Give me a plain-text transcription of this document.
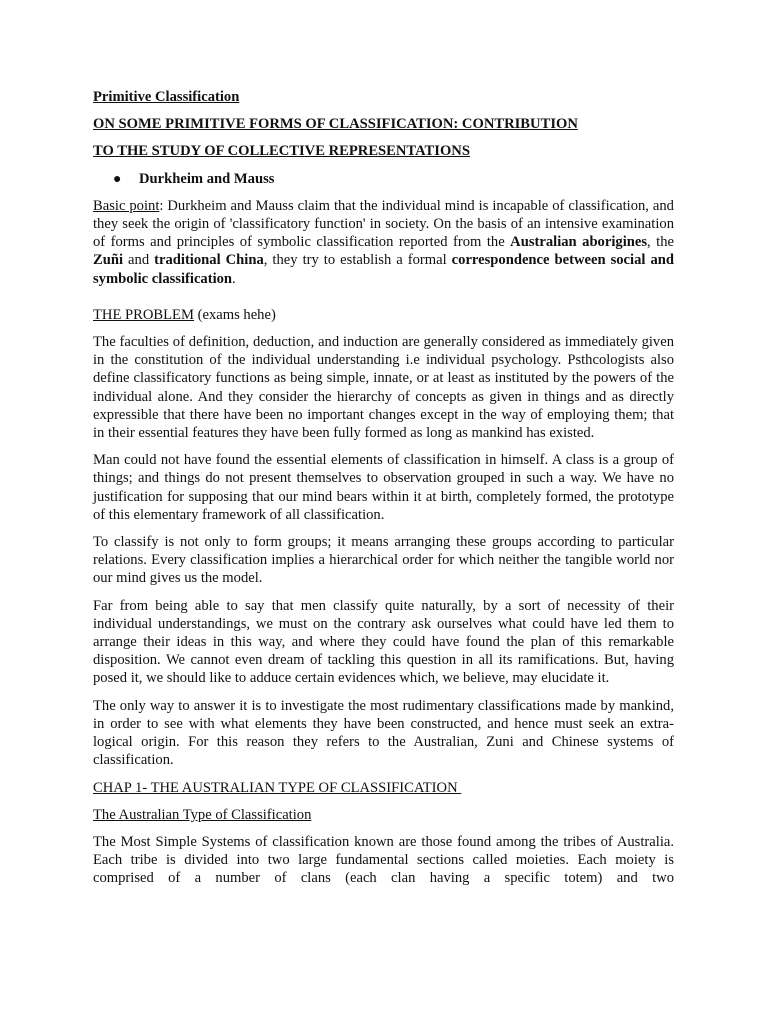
Primitive Classification

ON SOME PRIMITIVE FORMS OF CLASSIFICATION: CONTRIBUTION

TO THE STUDY OF COLLECTIVE REPRESENTATIONS

●	Durkheim and Mauss

Basic point: Durkheim and Mauss claim that the individual mind is incapable of classification, and they seek the origin of 'classificatory function' in society. On the basis of an intensive examination of forms and principles of symbolic classification reported from the Australian aborigines, the Zuñi and traditional China, they try to establish a formal correspondence between social and symbolic classification.

THE PROBLEM (exams hehe)

The faculties of definition, deduction, and induction are generally considered as immediately given in the constitution of the individual understanding i.e individual psychology. Psthcologists also define classificatory functions as being simple, innate, or at least as instituted by the powers of the individual alone. And they consider the hierarchy of concepts as given in things and as directly expressible that there have been no important changes except in the way of employing them; that in their essential features they have been fully formed as long as mankind has existed.

Man could not have found the essential elements of classification in himself. A class is a group of things; and things do not present themselves to observation grouped in such a way. We have no justification for supposing that our mind bears within it at birth, completely formed, the prototype of this elementary framework of all classification.

To classify is not only to form groups; it means arranging these groups according to particular relations. Every classification implies a hierarchical order for which neither the tangible world nor our mind gives us the model.

Far from being able to say that men classify quite naturally, by a sort of necessity of their individual understandings, we must on the contrary ask ourselves what could have led them to arrange their ideas in this way, and where they could have found the plan of this remarkable disposition. We cannot even dream of tackling this question in all its ramifications. But, having posed it, we should like to adduce certain evidences which, we believe, may elucidate it.

The only way to answer it is to investigate the most rudimentary classifications made by mankind, in order to see with what elements they have been constructed, and hence must seek an extra-logical origin. For this reason they refers to the Australian, Zuni and Chinese systems of classification.

CHAP 1- THE AUSTRALIAN TYPE OF CLASSIFICATION

The Australian Type of Classification

The Most Simple Systems of classification known are those found among the tribes of Australia. Each tribe is divided into two large fundamental sections called moieties. Each moiety is comprised of a number of clans (each clan having a specific totem) and two
